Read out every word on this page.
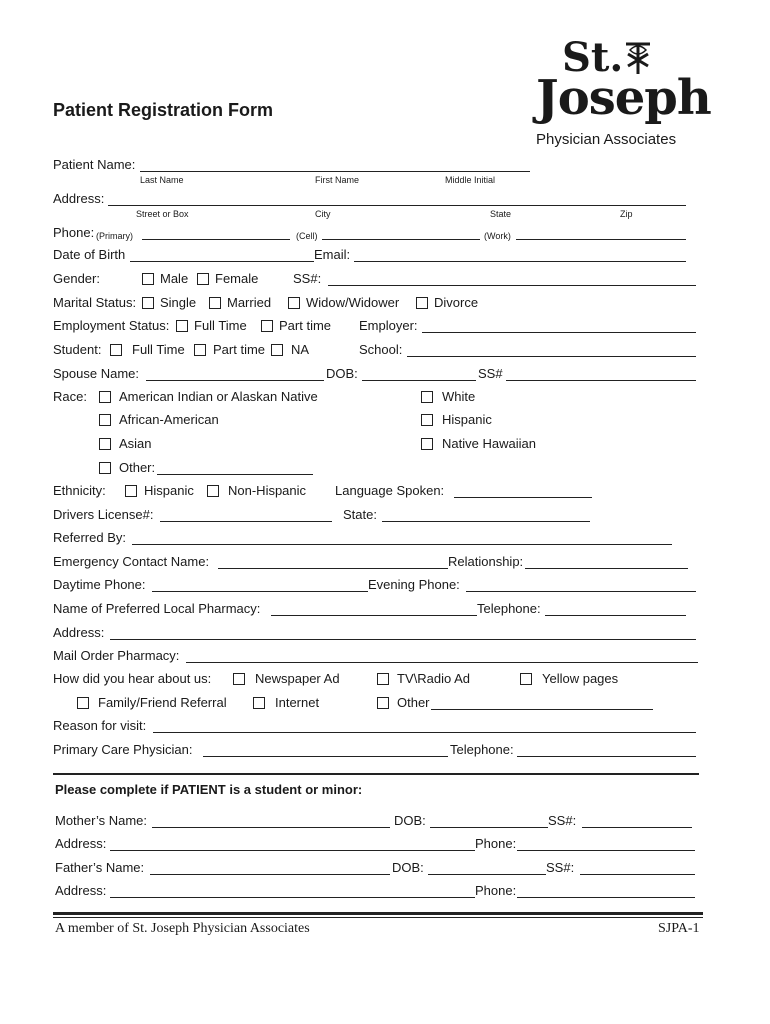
Patient Registration Form
St.
Joseph
Physician Associates
Patient Name:
Last Name	First Name	Middle Initial
Address:
Street or Box	City	State	Zip
Phone: (Primary)	(Cell)	(Work)
Date of Birth	Email:
Gender:	Male Female	SS#:
Marital Status: Single Married	Widow/Widower	Divorce
Employment Status: Full Time Part time Employer:
Student: Full Time Part time NA	School:
Spouse Name:	DOB:	SS#
Race: American Indian or Alaskan Native	White
African-American	Hispanic
Asian	Native Hawaiian
Other:
Ethnicity:	Hispanic	Non-Hispanic Language Spoken:
Drivers License#:	State:
Referred By:
Emergency Contact Name:	Relationship:
Daytime Phone:	Evening Phone:
Name of Preferred Local Pharmacy:	Telephone:
Address:
Mail Order Pharmacy:
How did you hear about us:	Newspaper Ad	TV\Radio Ad	Yellow pages
Family/Friend Referral	Internet	Other
Reason for visit:
Primary Care Physician:	Telephone:
Please complete if PATIENT is a student or minor:
Mother’s Name:	DOB:	SS#:
Address:	Phone:
Father’s Name:	DOB:	SS#:
Address:	Phone:
A member of St. Joseph Physician Associates	SJPA-1
